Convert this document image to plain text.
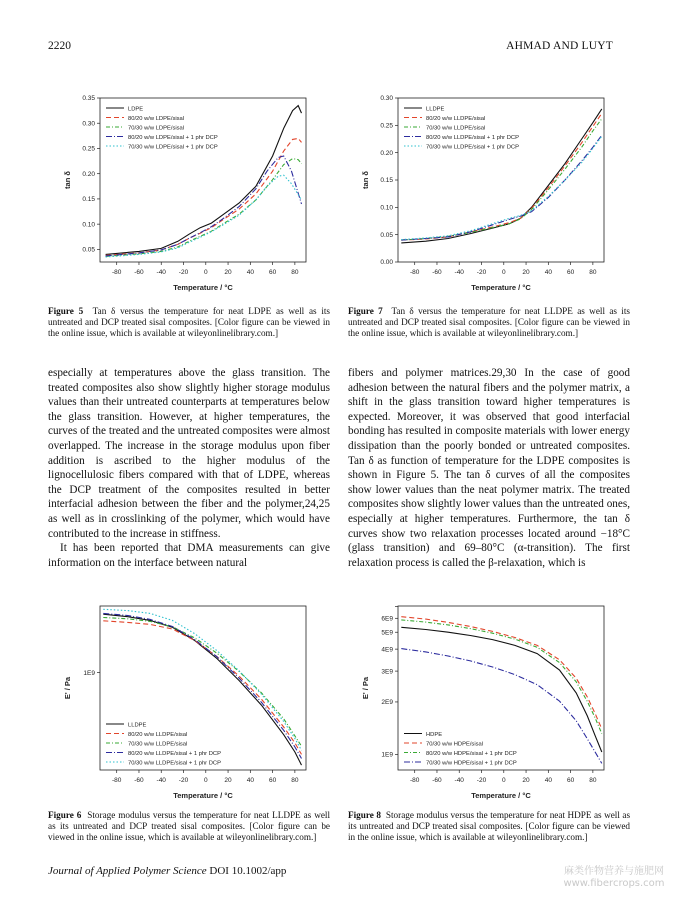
2220	AHMAD AND LUYT
-80 -60 -40 -20 0	20 40 60 80
0.05
0.10
0.15
0.20
0.25
0.30
0.35
Temperature / °C
tan δ
LDPE
80/20 w/w LDPE/sisal
70/30 w/w LDPE/sisal
80/20 w/w LDPE/sisal + 1 phr DCP
70/30 w/w LDPE/sisal + 1 phr DCP
-80 -60 -40 -20 0	20 40 60 80
0.00
0.05
0.10
0.15
0.20
0.25
0.30
Temperature / °C
tan δ
LLDPE
80/20 w/w LLDPE/sisal
70/30 w/w LLDPE/sisal
80/20 w/w LLDPE/sisal + 1 phr DCP
70/30 w/w LLDPE/sisal + 1 phr DCP
-80 -60 -40 -20 0	20 40 60 80
1E9
Temperature / °C
E' / Pa
LLDPE
80/20 w/w LLDPE/sisal
70/30 w/w LLDPE/sisal
80/20 w/w LLDPE/sisal + 1 phr DCP
70/30 w/w LLDPE/sisal + 1 phr DCP
-80 -60 -40 -20 0	20 40 60 80
1E9
2E9
3E9
4E9
5E9
6E9
Temperature / °C
E' / Pa
HDPE
70/30 w/w HDPE/sisal
80/20 w/w HDPE/sisal + 1 phr DCP
70/30 w/w HDPE/sisal + 1 phr DCP
Figure 5 Tan δ versus the temperature for neat LDPE as well as its untreated and DCP treated sisal composites. [Color figure can be viewed in the online issue, which is available at wileyonlinelibrary.com.]
Figure 7 Tan δ versus the temperature for neat LLDPE as well as its untreated and DCP treated sisal composites. [Color figure can be viewed in the online issue, which is available at wileyonlinelibrary.com.]
Figure 6 Storage modulus versus the temperature for neat LLDPE as well as its untreated and DCP treated sisal composites. [Color figure can be viewed in the online issue, which is available at wileyonlinelibrary.com.]
Figure 8 Storage modulus versus the temperature for neat HDPE as well as its untreated and DCP treated sisal composites. [Color figure can be viewed in the online issue, which is available at wileyonlinelibrary.com.]

especially at temperatures above the glass transition. The treated composites also show slightly higher storage modulus values than their untreated counterparts at temperatures below the glass transition. However, at higher temperatures, the curves of the treated and the untreated composites were almost overlapped. The increase in the storage modulus upon fiber addition is ascribed to the higher modulus of the lignocellulosic fibers compared with that of LDPE, whereas the DCP treatment of the composites resulted in better interfacial adhesion between the fiber and the polymer,24,25 as well as in crosslinking of the polymer, which would have contributed to the increase in stiffness.

It has been reported that DMA measurements can give information on the interface between natural

fibers and polymer matrices.29,30 In the case of good adhesion between the natural fibers and the polymer matrix, a shift in the glass transition toward higher temperatures is expected. Moreover, it was observed that good interfacial bonding has resulted in composite materials with lower energy dissipation than the poorly bonded or untreated composites. Tan δ as function of temperature for the LDPE composites is shown in Figure 5. The tan δ curves of all the composites show lower values than the neat polymer matrix. The treated composites show slightly lower values than the untreated ones, especially at higher temperatures. Furthermore, the tan δ curves show two relaxation processes located around −18°C (glass transition) and 69–80°C (α-transition). The first relaxation process is called the β-relaxation, which is

Journal of Applied Polymer Science DOI 10.1002/app	麻类作物营养与施肥网
www.fibercrops.com
